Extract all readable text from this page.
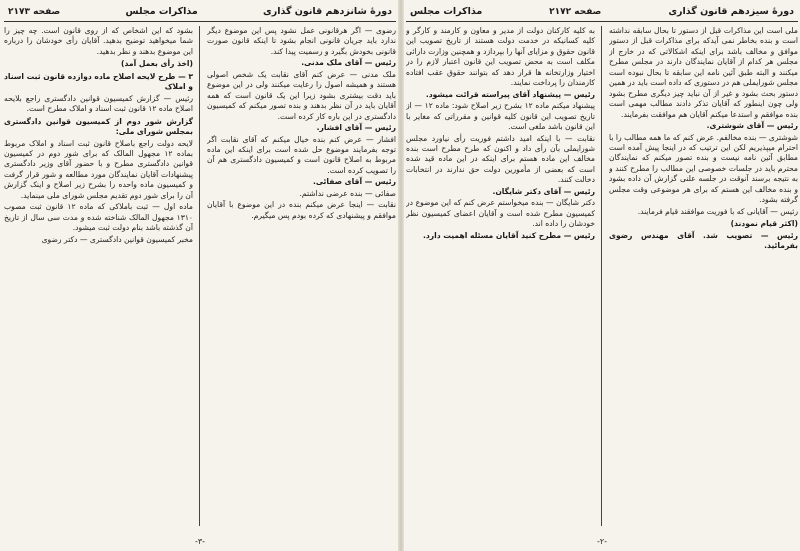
دورهٔ شانزدهم قانون گذاری
مذاکرات مجلس
صفحه ۲۱۷۳

رضوی — اگر هرقانونی عمل نشود پس این موضوع دیگر ندارد باید جریان قانونی انجام بشود تا اینکه قانون صورت قانونی بخودش بگیرد و رسمیت پیدا کند.

رئیس — آقای ملک مدنی.

ملک مدنی — عرض کنم آقای نقابت یک شخص اصولی هستند و همیشه اصول را رعایت میکنند ولی در این موضوع باید دقت بیشتری بشود زیرا این یک قانون است که همه آقایان باید در آن نظر بدهند و بنده تصور میکنم که کمیسیون دادگستری در این باره کار کرده است.

رئیس — آقای افشار.

افشار — عرض کنم بنده خیال میکنم که آقای نقابت اگر توجه بفرمایند موضوع حل شده است برای اینکه این ماده مربوط به اصلاح قانون است و کمیسیون دادگستری هم آن را تصویب کرده است.

رئیس — آقای صفائی.

صفائی — بنده عرضی نداشتم.

نقابت — اینجا عرض میکنم بنده در این موضوع با آقایان موافقم و پیشنهادی که کرده بودم پس میگیرم.

بشود که این اشخاص که از روی قانون است. چه چیز را شما میخواهید توضیح بدهید. آقایان رأی خودشان را درباره این موضوع بدهند و نظر بدهید.

(اخذ رأی بعمل آمد)

۳ — طرح لایحه اصلاح ماده دوازده قانون ثبت اسناد و املاک

رئیس — گزارش کمیسیون قوانین دادگستری راجع بلایحه اصلاح ماده ۱۲ قانون ثبت اسناد و املاک مطرح است.

گزارش شور دوم از کمیسیون قوانین دادگستری بمجلس شورای ملی:

لایحه دولت راجع باصلاح قانون ثبت اسناد و املاک مربوط بماده ۱۲ مجهول المالک که برای شور دوم در کمیسیون قوانین دادگستری مطرح و با حضور آقای وزیر دادگستری پیشنهادات آقایان نمایندگان مورد مطالعه و شور قرار گرفت و کمیسیون ماده واحده را بشرح زیر اصلاح و اینک گزارش آن را برای شور دوم تقدیم مجلس شورای ملی مینماید.

ماده اول — ثبت باملاکی که ماده ۱۲ قانون ثبت مصوب ۱۳۱۰ مجهول المالک شناخته شده و مدت سی سال از تاریخ آن گذشته باشد بنام دولت ثبت میشود.

مخبر کمیسیون قوانین دادگستری — دکتر رضوی

-۳-
دورهٔ سیزدهم قانون گذاری
صفحه ۲۱۷۲
مذاکرات مجلس

ملی است این مذاکرات قبل از دستور تا بحال سابقه نداشته است و بنده بخاطر نمی آیدکه برای مذاکرات قبل از دستور موافق و مخالف باشد برای اینکه اشکالاتی که در خارج از مجلس هر کدام از آقایان نمایندگان دارند در مجلس مطرح میکنند و البته طبق آئین نامه این سابقه تا بحال نبوده است مجلس شورایملی هم در دستوری که داده است باید در همین دستور بحث بشود و غیر از آن نباید چیز دیگری مطرح بشود ولی چون اینطور که آقایان تذکر دادند مطالب مهمی است بنده موافقم و استدعا میکنم آقایان هم موافقت بفرمایند.

رئیس — آقای شوشتری.

شوشتری — بنده مخالفم. عرض کنم که ما همه مطالب را با احترام میپذیریم لکن این ترتیب که در اینجا پیش آمده است مطابق آئین نامه نیست و بنده تصور میکنم که نمایندگان محترم باید در جلسات خصوصی این مطالب را مطرح کنند و به نتیجه برسند آنوقت در جلسه علنی گزارش آن داده بشود و بنده مخالف این هستم که برای هر موضوعی وقت مجلس گرفته بشود.

رئیس — آقایانی که با فوریت موافقند قیام فرمایند.

(اکثر قیام نمودند)

رئیس — تصویب شد. آقای مهندس رضوی بفرمائید.

به کلیه کارکنان دولت از مدیر و معاون و کارمند و کارگر و کلیه کسانیکه در خدمت دولت هستند از تاریخ تصویب این قانون حقوق و مزایای آنها را بپردازد و همچنین وزارت دارائی مکلف است به محض تصویب این قانون اعتبار لازم را در اختیار وزارتخانه ها قرار دهد که بتوانند حقوق عقب افتاده کارمندان را پرداخت نمایند.

رئیس — پیشنهاد آقای پیراسته قرائت میشود.

پیشنهاد میکنم ماده ۱۲ بشرح زیر اصلاح شود: ماده ۱۲ — از تاریخ تصویب این قانون کلیه قوانین و مقرراتی که مغایر با این قانون باشد ملغی است.

نقابت — با اینکه امید داشتم فوریت رأی نیاورد مجلس شورایملی بآن رأی داد و اکنون که طرح مطرح است بنده مخالف این ماده هستم برای اینکه در این ماده قید شده است که بعضی از مأمورین دولت حق ندارند در انتخابات دخالت کنند.

رئیس — آقای دکتر شایگان.

دکتر شایگان — بنده میخواستم عرض کنم که این موضوع در کمیسیون مطرح شده است و آقایان اعضای کمیسیون نظر خودشان را داده اند.

رئیس — مطرح کنید آقایان مسئله اهمیت دارد.

-۲-
